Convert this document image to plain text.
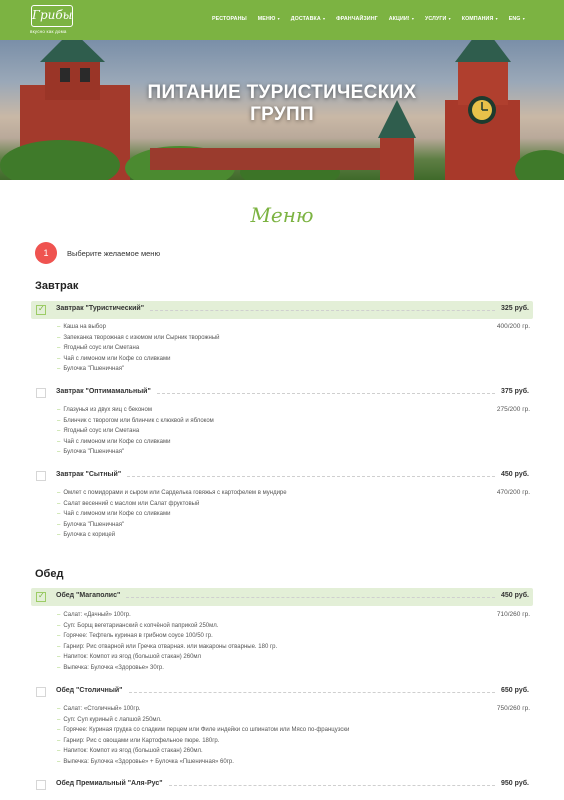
Грибы
вкусно как дома
РЕСТОРАНЫ МЕНЮ ▾ ДОСТАВКА ▾ ФРАНЧАЙЗИНГ АКЦИИ! ▾ УСЛУГИ ▾ КОМПАНИЯ ▾ ENG ▾
ПИТАНИЕ ТУРИСТИЧЕСКИХ
ГРУПП
Меню
1	Выберите желаемое меню
Завтрак
✓ Завтрак "Туристический"	325 руб.
– Каша на выбор
– Запеканка творожная с изюмом или Сырник творожный
– Ягодный соус или Сметана
– Чай с лимоном или Кофе со сливками
– Булочка "Пшеничная"
400/200 гр.
Завтрак "Оптимамальный"	375 руб.
– Глазунья из двух яиц с беконом
– Блинчик с творогом или блинчик с клюквой и яблоком
– Ягодный соус или Сметана
– Чай с лимоном или Кофе со сливками
– Булочка "Пшеничная"
275/200 гр.
Завтрак "Сытный"	450 руб.
– Омлет с помидорами и сыром или Сарделька говяжья с картофелем в мундире
– Салат весенний с маслом или Салат фруктовый
– Чай с лимоном или Кофе со сливками
– Булочка "Пшеничная"
– Булочка с корицей
470/200 гр.
Обед
✓ Обед "Магаполис"	450 руб.
– Салат: «Дачный» 100гр.
– Суп: Борщ вегетарианский с копчёной паприкой 250мл.
– Горячее: Тефтель куриная в грибном соусе 100/50 гр.
– Гарнир: Рис отварной или Гречка отварная. или макароны отварные. 180 гр.
– Напиток: Компот из ягод (большой стакан) 260мл
– Выпечка: Булочка «Здоровье» 30гр.
710/260 гр.
Обед "Столичный"	650 руб.
– Салат: «Столичный» 100гр.
– Суп: Суп куриный с лапшой 250мл.
– Горячее: Куриная грудка со сладким перцем или Филе индейки со шпинатом или Мясо по-французски
– Гарнир: Рис с овощами или Картофельное пюре. 180гр.
– Напиток: Компот из ягод (большой стакан) 260мл.
– Выпечка: Булочка «Здоровье» + Булочка «Пшеничная» 60гр.
750/260 гр.
Обед Премиальный "Аля-Рус"	950 руб.
